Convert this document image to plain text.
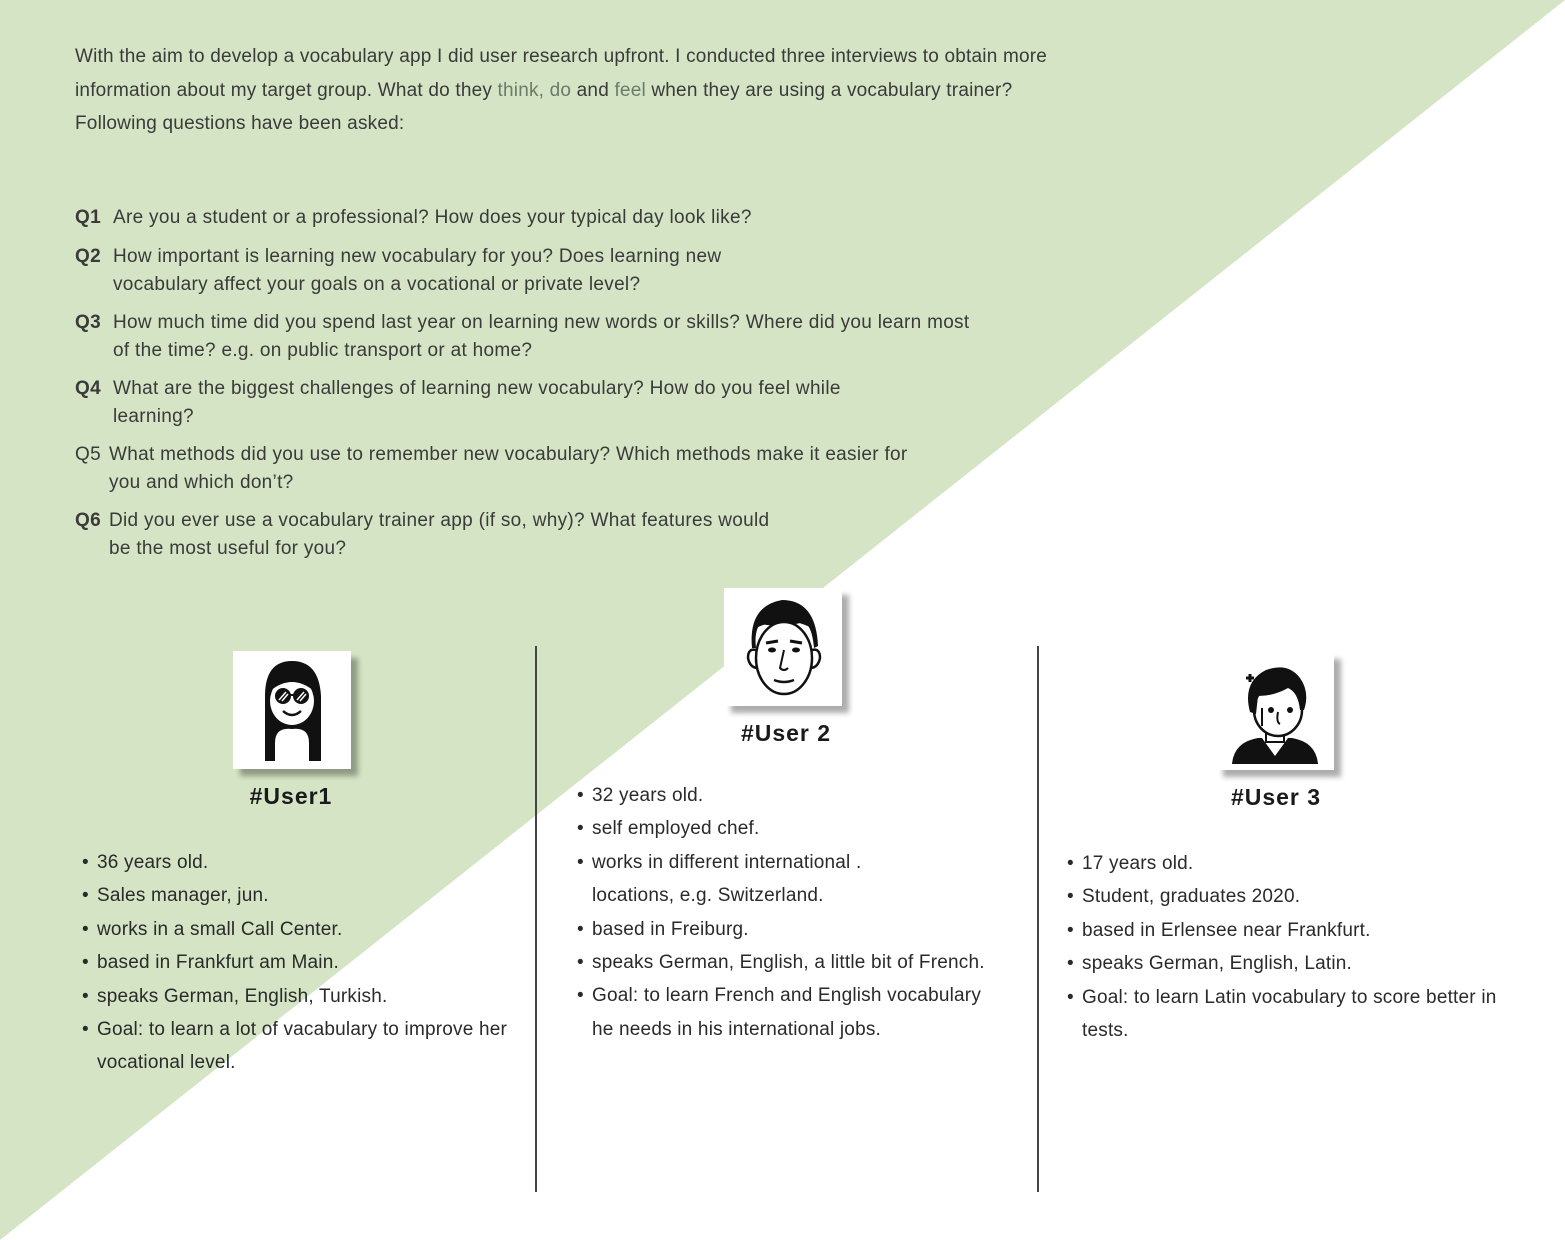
With the aim to develop a vocabulary app I did user research upfront. I conducted three interviews to obtain more information about my target group. What do they think, do and feel when they are using a vocabulary trainer? Following questions have been asked:
Q1 Are you a student or a professional? How does your typical day look like?
Q2 How important is learning new vocabulary for you? Does learning new vocabulary affect your goals on a vocational or private level?
Q3 How much time did you spend last year on learning new words or skills? Where did you learn most of the time? e.g. on public transport or at home?
Q4 What are the biggest challenges of learning new vocabulary? How do you feel while learning?
Q5 What methods did you use to remember new vocabulary? Which methods make it easier for you and which don’t?
Q6 Did you ever use a vocabulary trainer app (if so, why)? What features would be the most useful for you?
#User1
• 36 years old.
• Sales manager, jun.
• works in a small Call Center.
• based in Frankfurt am Main.
• speaks German, English, Turkish.
• Goal: to learn a lot of vacabulary to improve her vocational level.
#User 2
• 32 years old.
• self employed chef.
• works in different international . locations, e.g. Switzerland.
• based in Freiburg.
• speaks German, English, a little bit of French.
• Goal: to learn French and English vocabulary he needs in his international jobs.
#User 3
• 17 years old.
• Student, graduates 2020.
• based in Erlensee near Frankfurt.
• speaks German, English, Latin.
• Goal: to learn Latin vocabulary to score better in tests.
